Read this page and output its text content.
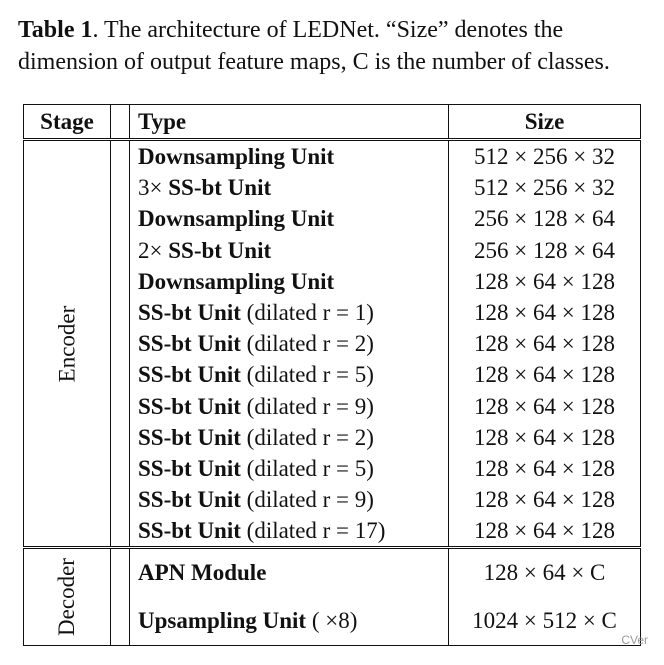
Table 1. The architecture of LEDNet. “Size” denotes the dimension of output feature maps, C is the number of classes.
Stage		Type	Size
Encoder		Downsampling Unit	512 × 256 × 32
		3× SS-bt Unit	512 × 256 × 32
		Downsampling Unit	256 × 128 × 64
		2× SS-bt Unit	256 × 128 × 64
		Downsampling Unit	128 × 64 × 128
		SS-bt Unit (dilated r = 1)	128 × 64 × 128
		SS-bt Unit (dilated r = 2)	128 × 64 × 128
		SS-bt Unit (dilated r = 5)	128 × 64 × 128
		SS-bt Unit (dilated r = 9)	128 × 64 × 128
		SS-bt Unit (dilated r = 2)	128 × 64 × 128
		SS-bt Unit (dilated r = 5)	128 × 64 × 128
		SS-bt Unit (dilated r = 9)	128 × 64 × 128
		SS-bt Unit (dilated r = 17)	128 × 64 × 128
Decoder		APN Module	128 × 64 × C
		Upsampling Unit ( ×8)	1024 × 512 × C
CVer
